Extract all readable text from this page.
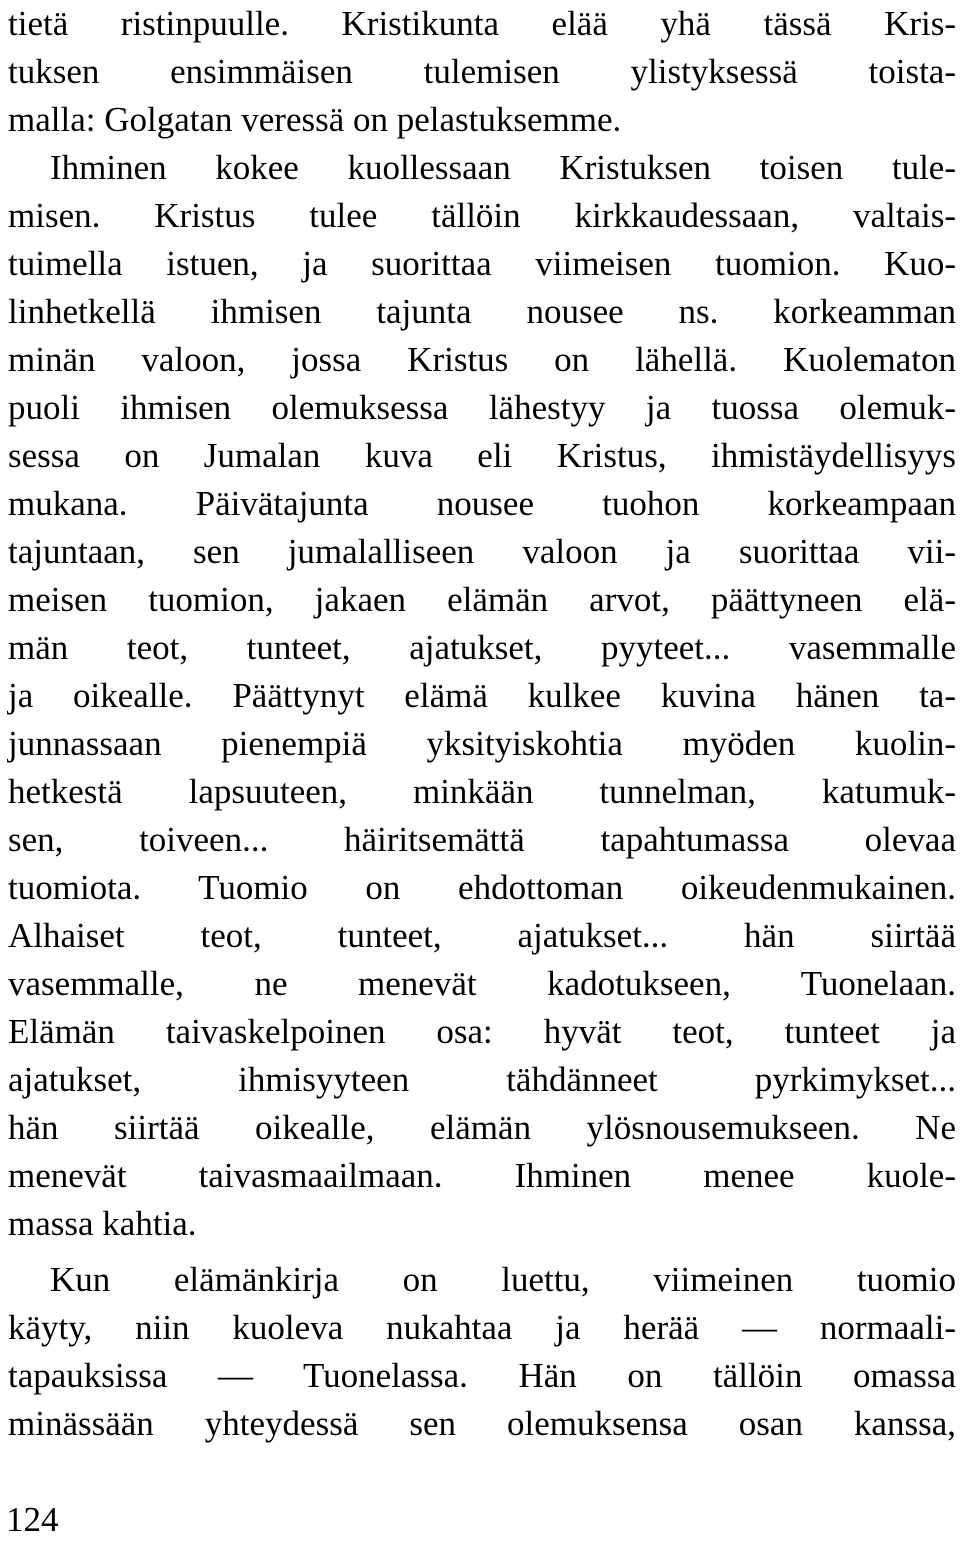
tietä ristinpuulle. Kristikunta elää yhä tässä Kris-
tuksen ensimmäisen tulemisen ylistyksessä toista-
malla: Golgatan veressä on pelastuksemme.
Ihminen kokee kuollessaan Kristuksen toisen tule-
misen. Kristus tulee tällöin kirkkaudessaan, valtais-
tuimella istuen, ja suorittaa viimeisen tuomion. Kuo-
linhetkellä ihmisen tajunta nousee ns. korkeamman
minän valoon, jossa Kristus on lähellä. Kuolematon
puoli ihmisen olemuksessa lähestyy ja tuossa olemuk-
sessa on Jumalan kuva eli Kristus, ihmistäydellisyys
mukana. Päivätajunta nousee tuohon korkeampaan
tajuntaan, sen jumalalliseen valoon ja suorittaa vii-
meisen tuomion, jakaen elämän arvot, päättyneen elä-
män teot, tunteet, ajatukset, pyyteet... vasemmalle
ja oikealle. Päättynyt elämä kulkee kuvina hänen ta-
junnassaan pienempiä yksityiskohtia myöden kuolin-
hetkestä lapsuuteen, minkään tunnelman, katumuk-
sen, toiveen... häiritsemättä tapahtumassa olevaa
tuomiota. Tuomio on ehdottoman oikeudenmukainen.
Alhaiset teot, tunteet, ajatukset... hän siirtää
vasemmalle, ne menevät kadotukseen, Tuonelaan.
Elämän taivaskelpoinen osa: hyvät teot, tunteet ja
ajatukset, ihmisyyteen tähdänneet pyrkimykset...
hän siirtää oikealle, elämän ylösnousemukseen. Ne
menevät taivasmaailmaan. Ihminen menee kuole-
massa kahtia.
Kun elämänkirja on luettu, viimeinen tuomio
käyty, niin kuoleva nukahtaa ja herää — normaali-
tapauksissa — Tuonelassa. Hän on tällöin omassa
minässään yhteydessä sen olemuksensa osan kanssa,
124
